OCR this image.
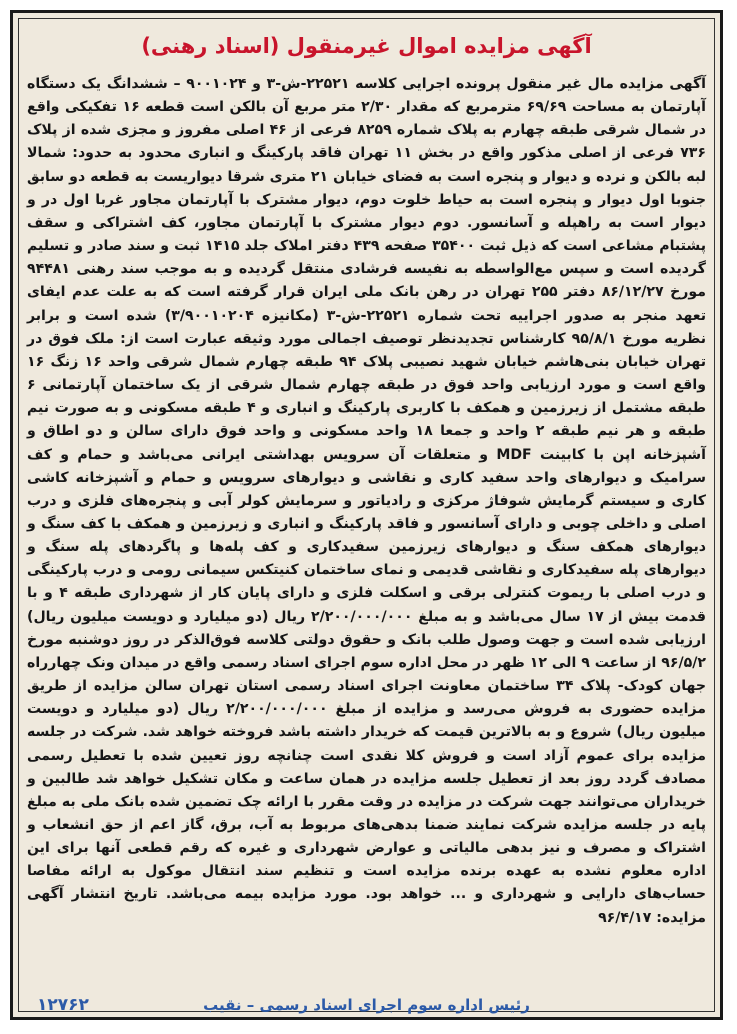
آگهی مزایده اموال غیرمنقول (اسناد رهنی)
آگهی مزایده مال غیر منقول پرونده اجرایی کلاسه ۲۲۵۲۱-ش-۳ و ۹۰۰۱۰۲۴ – ششدانگ یک دستگاه آپارتمان به مساحت ۶۹/۶۹ مترمربع که مقدار ۲/۳۰ متر مربع آن بالکن است قطعه ۱۶ تفکیکی واقع در شمال شرقی طبقه چهارم به پلاک شماره ۸۲۵۹ فرعی از ۴۶ اصلی مفروز و مجزی شده از پلاک ۷۳۶ فرعی از اصلی مذکور واقع در بخش ۱۱ تهران فاقد پارکینگ و انباری محدود به حدود: شمالا لبه بالکن و نرده و دیوار و پنجره است به فضای خیابان ۲۱ متری شرقا دیواریست به قطعه دو سابق جنوبا اول دیوار و پنجره است به حیاط خلوت دوم، دیوار مشترک با آپارتمان مجاور غربا اول در و دیوار است به راهپله و آسانسور. دوم دیوار مشترک با آپارتمان مجاور، کف اشتراکی و سقف پشتبام مشاعی است که ذیل ثبت ۳۵۴۰۰ صفحه ۴۳۹ دفتر املاک جلد ۱۴۱۵ ثبت و سند صادر و تسلیم گردیده است و سپس مع‌الواسطه به نفیسه فرشادی منتقل گردیده و به موجب سند رهنی ۹۴۴۸۱ مورخ ۸۶/۱۲/۲۷ دفتر ۲۵۵ تهران در رهن بانک ملی ایران قرار گرفته است که به علت عدم ایفای تعهد منجر به صدور اجراییه تحت شماره ۲۲۵۲۱-ش-۳ (مکانیزه ۳/۹۰۰۱۰۲۰۴) شده است و برابر نظریه مورخ ۹۵/۸/۱ کارشناس تجدیدنظر توصیف اجمالی مورد وثیقه عبارت است از: ملک فوق در تهران خیابان بنی‌هاشم خیابان شهید نصیبی پلاک ۹۴ طبقه چهارم شمال شرقی واحد ۱۶ زنگ ۱۶ واقع است و مورد ارزیابی واحد فوق در طبقه چهارم شمال شرقی از یک ساختمان آپارتمانی ۶ طبقه مشتمل از زیرزمین و همکف با کاربری پارکینگ و انباری و ۴ طبقه مسکونی و به صورت نیم طبقه و هر نیم طبقه ۲ واحد و جمعا ۱۸ واحد مسکونی و واحد فوق دارای سالن و دو اطاق و آشپزخانه اپن با کابینت MDF و متعلقات آن سرویس بهداشتی ایرانی می‌باشد و حمام و کف سرامیک و دیوارهای واحد سفید کاری و نقاشی و دیوارهای سرویس و حمام و آشپزخانه کاشی کاری و سیستم گرمایش شوفاژ مرکزی و رادیاتور و سرمایش کولر آبی و پنجره‌های فلزی و درب اصلی و داخلی چوبی و دارای آسانسور و فاقد پارکینگ و انباری و زیرزمین و همکف با کف سنگ و دیوارهای همکف سنگ و دیوارهای زیرزمین سفیدکاری و کف پله‌ها و پاگردهای پله سنگ و دیوارهای پله سفیدکاری و نقاشی قدیمی و نمای ساختمان کنیتکس سیمانی رومی و درب پارکینگی و درب اصلی با ریموت کنترلی برقی و اسکلت فلزی و دارای پایان کار از شهرداری طبقه ۴ و با قدمت بیش از ۱۷ سال می‌باشد و به مبلغ ۲/۲۰۰/۰۰۰/۰۰۰ ریال (دو میلیارد و دویست میلیون ریال) ارزیابی شده است و جهت وصول طلب بانک و حقوق دولتی کلاسه فوق‌الذکر در روز دوشنبه مورخ ۹۶/۵/۲ از ساعت ۹ الی ۱۲ ظهر در محل اداره سوم اجرای اسناد رسمی واقع در میدان ونک چهارراه جهان کودک- پلاک ۳۴ ساختمان معاونت اجرای اسناد رسمی استان تهران سالن مزایده از طریق مزایده حضوری به فروش می‌رسد و مزایده از مبلغ ۲/۲۰۰/۰۰۰/۰۰۰ ریال (دو میلیارد و دویست میلیون ریال) شروع و به بالاترین قیمت که خریدار داشته باشد فروخته خواهد شد. شرکت در جلسه مزایده برای عموم آزاد است و فروش کلا نقدی است چنانچه روز تعیین شده با تعطیل رسمی مصادف گردد روز بعد از تعطیل جلسه مزایده در همان ساعت و مکان تشکیل خواهد شد طالبین و خریداران می‌توانند جهت شرکت در مزایده در وقت مقرر با ارائه چک تضمین شده بانک ملی به مبلغ پایه در جلسه مزایده شرکت نمایند ضمنا بدهی‌های مربوط به آب، برق، گاز اعم از حق انشعاب و اشتراک و مصرف و نیز بدهی مالیاتی و عوارض شهرداری و غیره که رقم قطعی آنها برای این اداره معلوم نشده به عهده برنده مزایده است و تنظیم سند انتقال موکول به ارائه مفاصا حساب‌های دارایی و شهرداری و ... خواهد بود. مورد مزایده بیمه می‌باشد. تاریخ انتشار آگهی مزایده: ۹۶/۴/۱۷
رئیس اداره سوم اجرای اسناد رسمی – نقیب
۱۲۷۶۲
